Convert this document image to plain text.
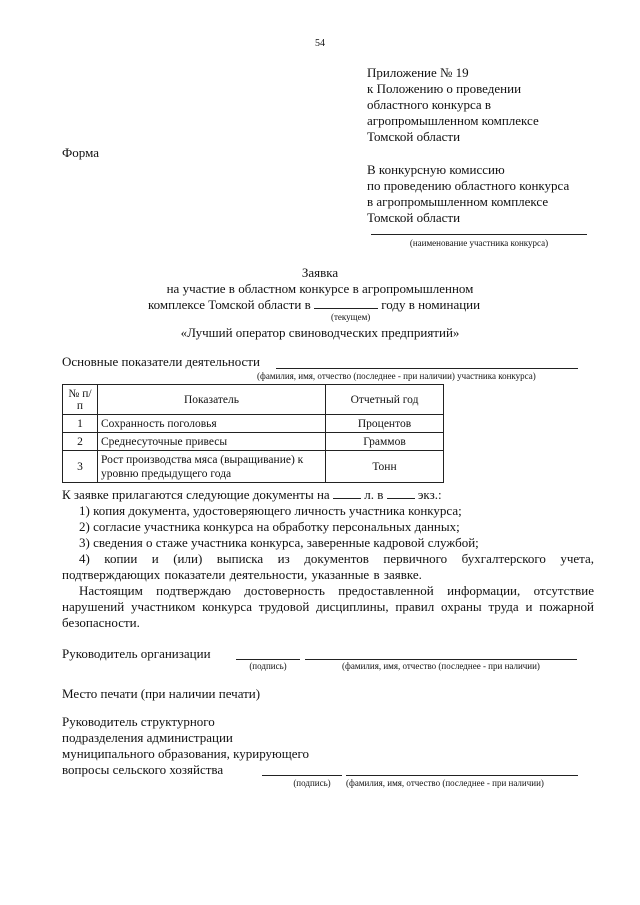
54
Приложение № 19
к Положению о проведении
областного конкурса в
агропромышленном комплексе
Томской области
Форма
В конкурсную комиссию
по проведению областного конкурса
в агропромышленном комплексе
Томской области
(наименование участника конкурса)
Заявка
на участие в областном конкурсе в агропромышленном
комплексе Томской области в	году в номинации
(текущем)
«Лучший оператор свиноводческих предприятий»
Основные показатели деятельности
(фамилия, имя, отчество (последнее - при наличии) участника конкурса)
№ п/п	Показатель	Отчетный год
1	Сохранность поголовья	Процентов
2	Среднесуточные привесы	Граммов
3	Рост производства мяса (выращивание) к уровню предыдущего года	Тонн
К заявке прилагаются следующие документы на	л. в	экз.:
1) копия документа, удостоверяющего личность участника конкурса;
2) согласие участника конкурса на обработку персональных данных;
3) сведения о стаже участника конкурса, заверенные кадровой службой;
4) копии и (или) выписка из документов первичного бухгалтерского учета, подтверждающих показатели деятельности, указанные в заявке.
Настоящим подтверждаю достоверность предоставленной информации, отсутствие нарушений участником конкурса трудовой дисциплины, правил охраны труда и пожарной безопасности.
Руководитель организации
(подпись)	(фамилия, имя, отчество (последнее - при наличии)
Место печати (при наличии печати)
Руководитель структурного
подразделения администрации
муниципального образования, курирующего
вопросы сельского хозяйства
(подпись)	(фамилия, имя, отчество (последнее - при наличии)
